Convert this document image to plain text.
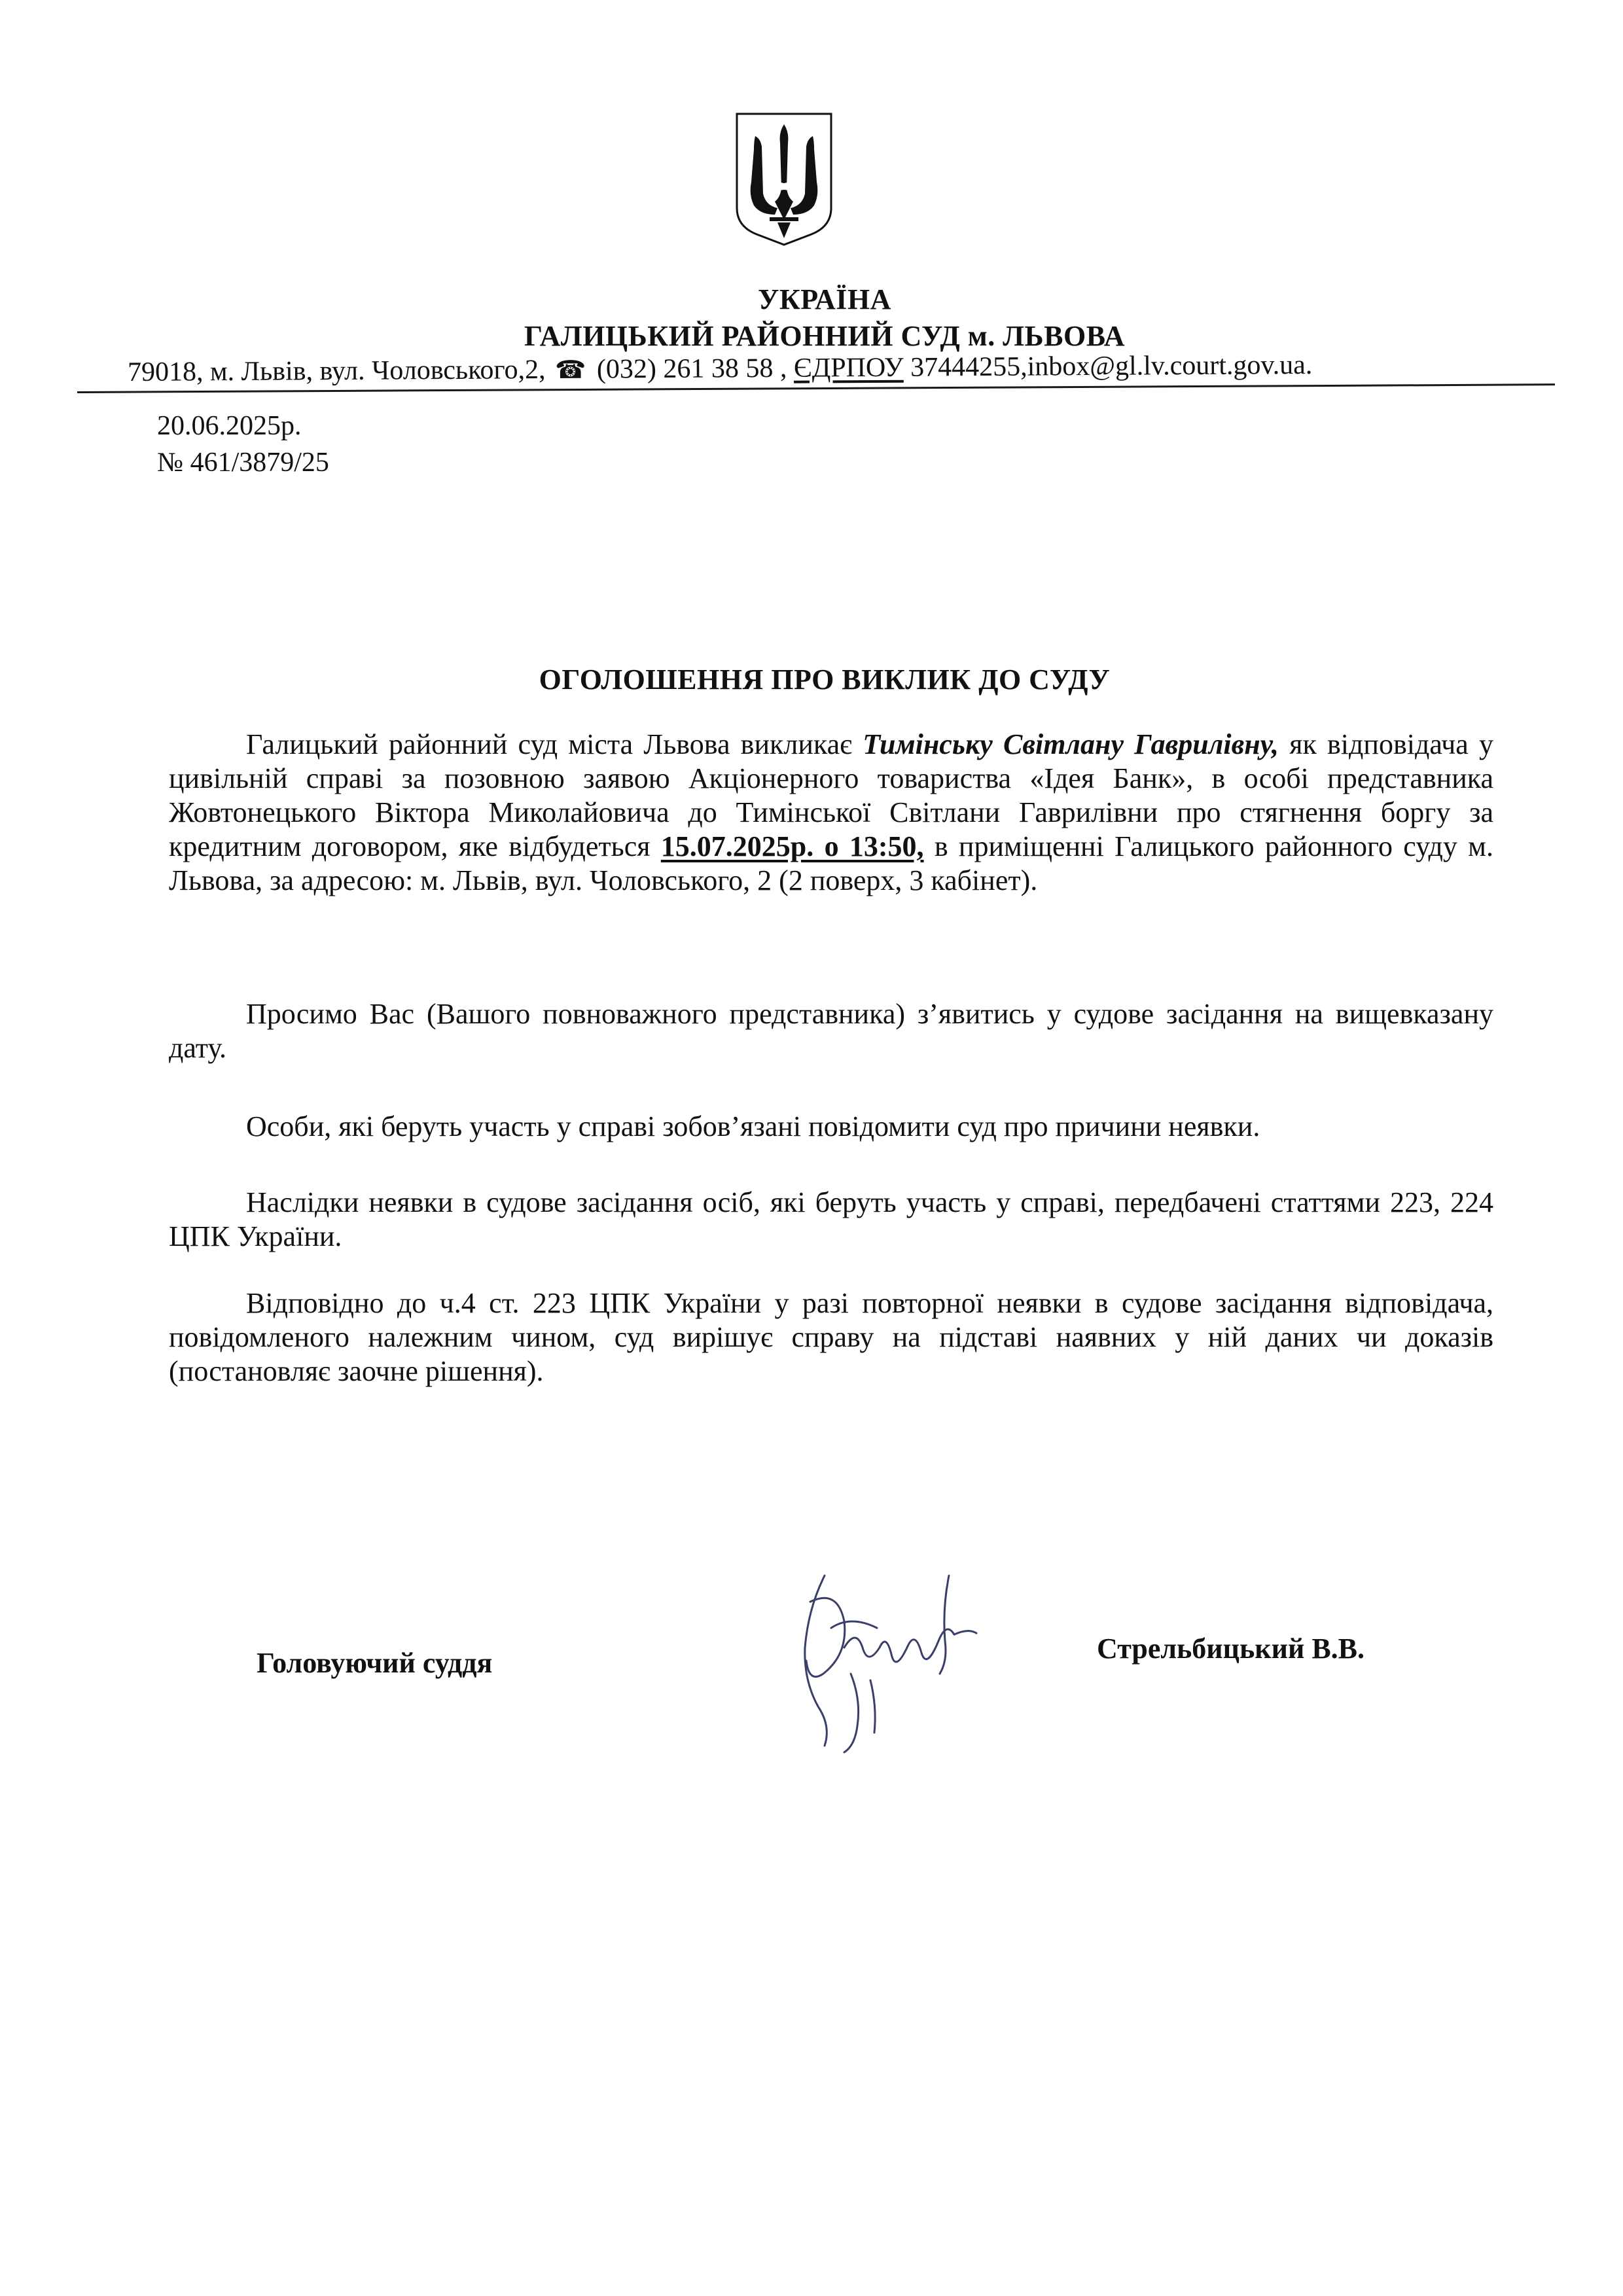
УКРАЇНА
ГАЛИЦЬКИЙ РАЙОННИЙ СУД м. ЛЬВОВА
79018, м. Львів, вул. Чоловського,2, ☎ (032) 261 38 58 , ЄДРПОУ 37444255,inbox@gl.lv.court.gov.ua.
20.06.2025р.
№ 461/3879/25
ОГОЛОШЕННЯ ПРО ВИКЛИК ДО СУДУ

Галицький районний суд міста Львова викликає Тимінську Світлану Гаврилівну, як відповідача у цивільній справі за позовною заявою Акціонерного товариства «Ідея Банк», в особі представника Жовтонецького Віктора Миколайовича до Тимінської Світлани Гаврилівни про стягнення боргу за кредитним договором, яке відбудеться 15.07.2025р. о 13:50, в приміщенні Галицького районного суду м. Львова, за адресою: м. Львів, вул. Чоловського, 2 (2 поверх, 3 кабінет).

Просимо Вас (Вашого повноважного представника) з’явитись у судове засідання на вищевказану дату.

Особи, які беруть участь у справі зобов’язані повідомити суд про причини неявки.

Наслідки неявки в судове засідання осіб, які беруть участь у справі, передбачені статтями 223, 224 ЦПК України.

Відповідно до ч.4 ст. 223 ЦПК України у разі повторної неявки в судове засідання відповідача, повідомленого належним чином, суд вирішує справу на підставі наявних у ній даних чи доказів (постановляє заочне рішення).

Головуючий суддя	Стрельбицький В.В.
